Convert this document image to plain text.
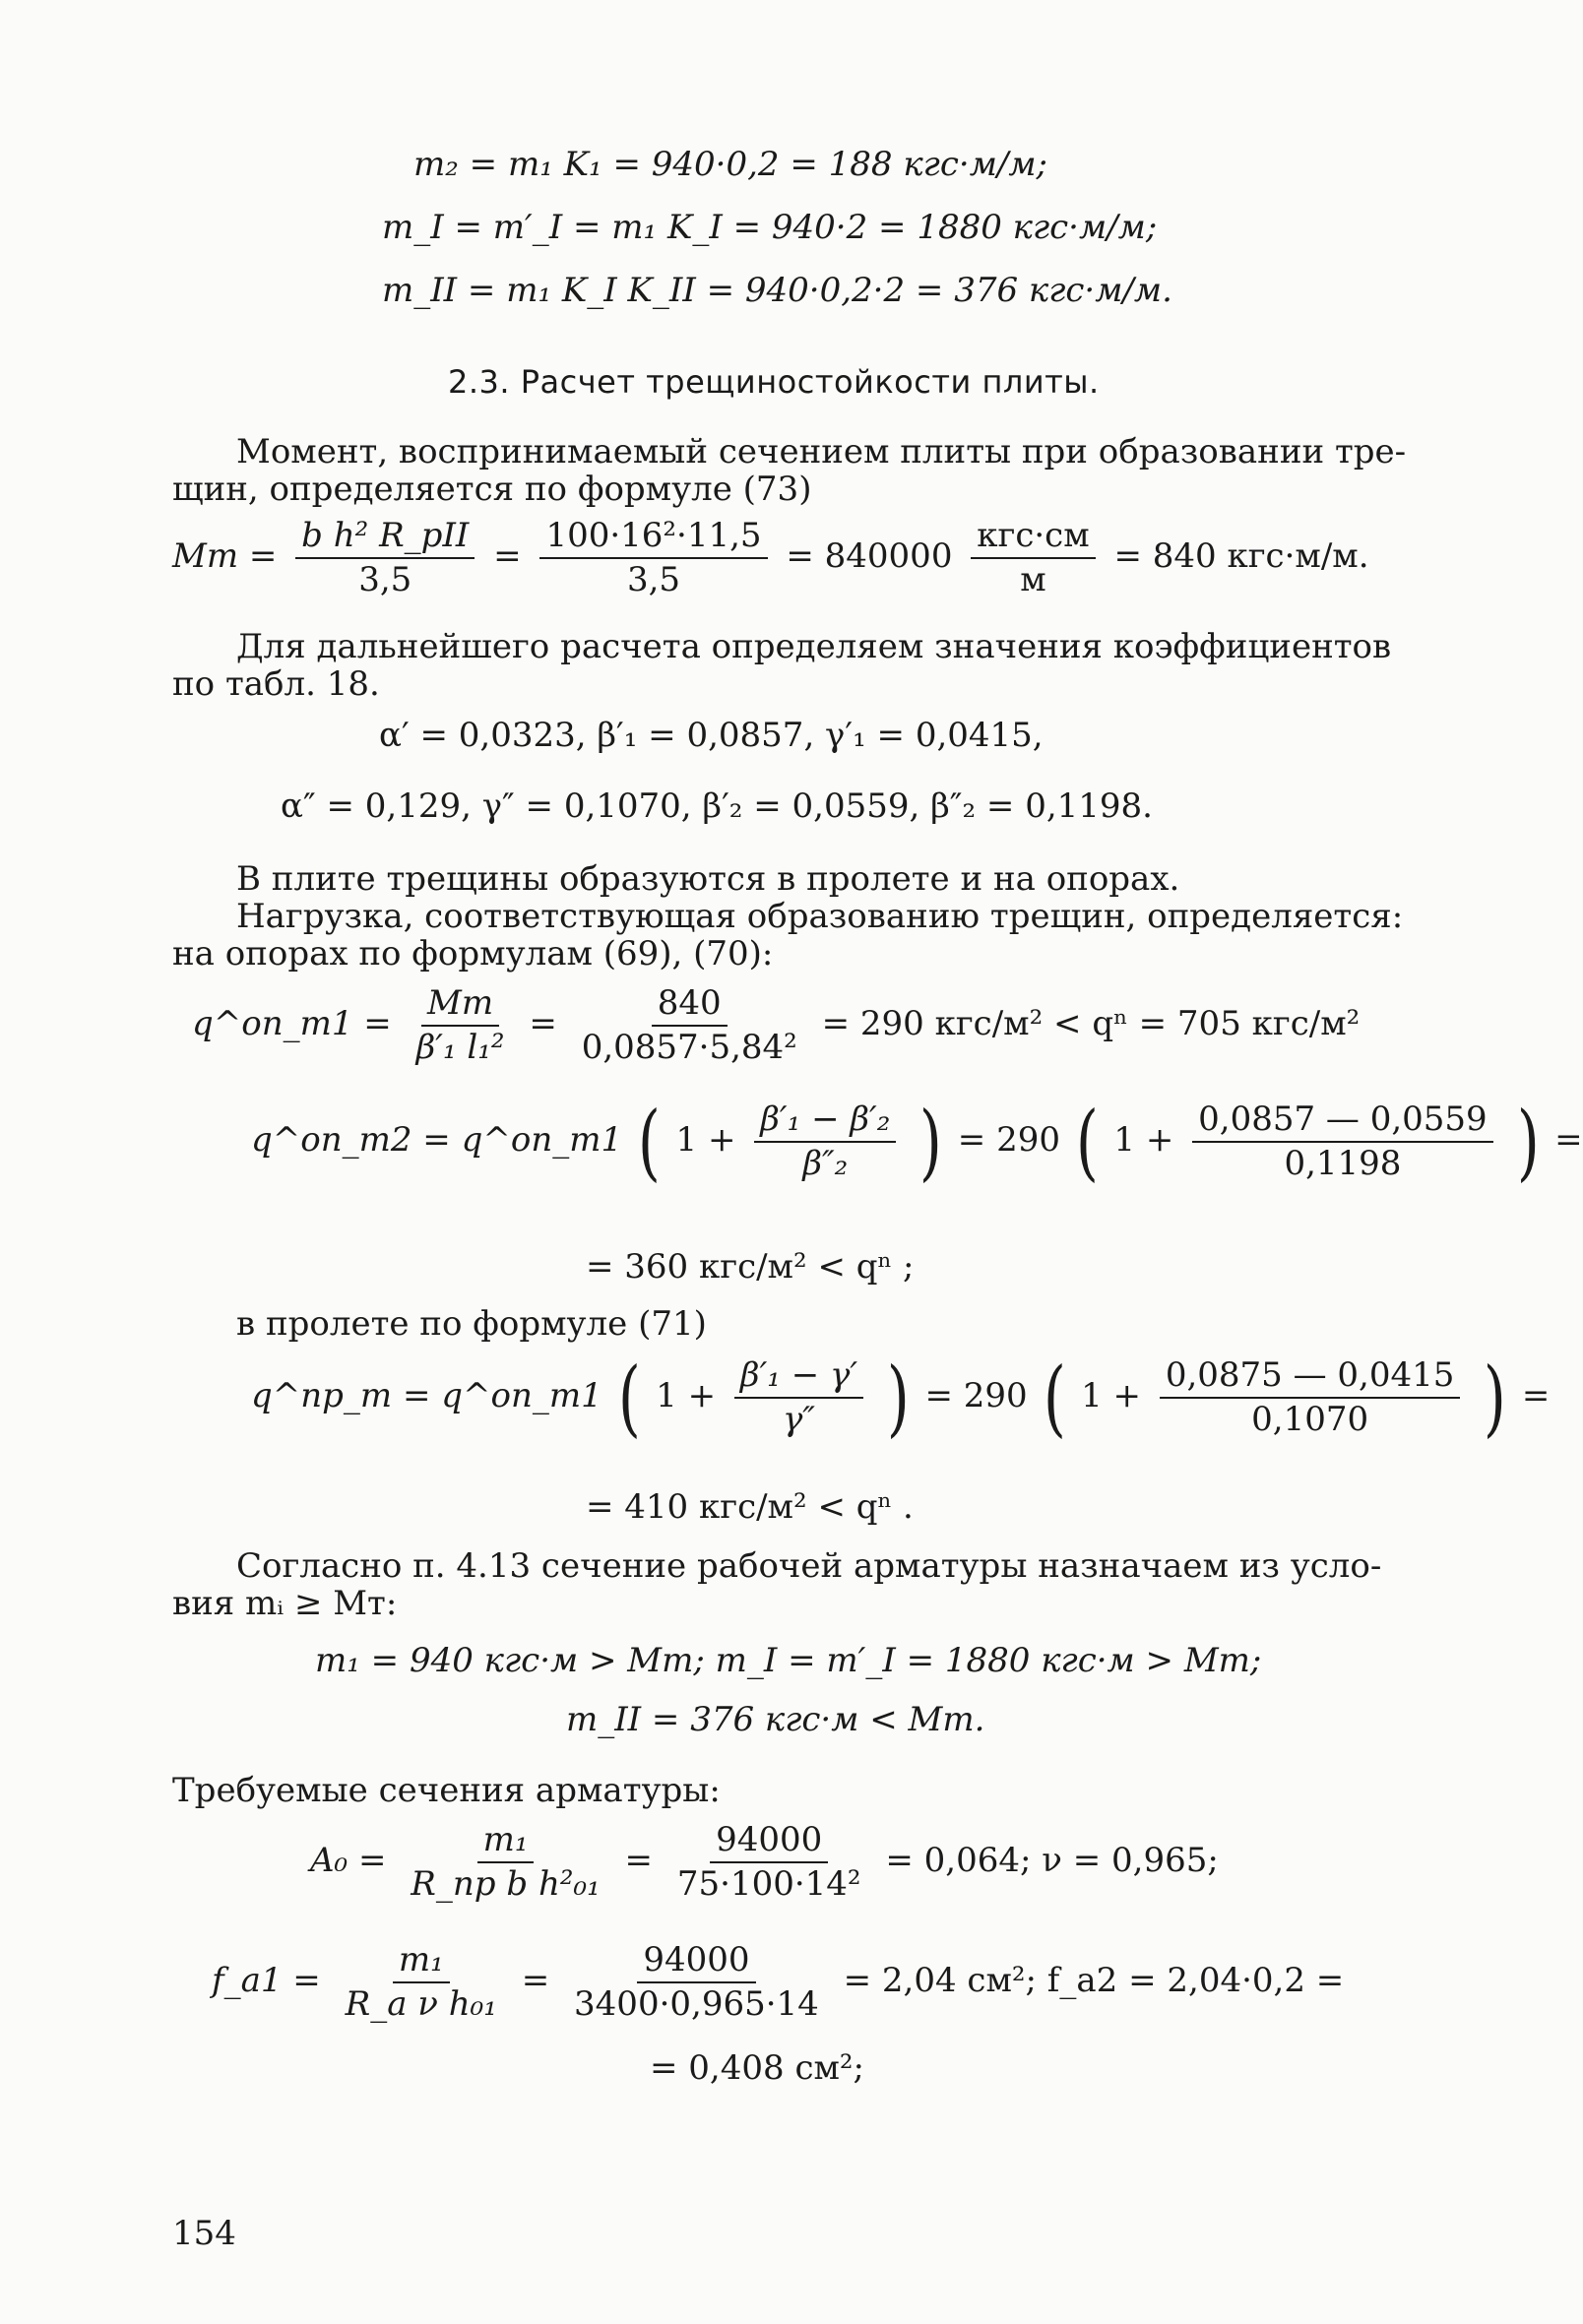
m₂ = m₁ K₁ = 940·0,2 = 188 кгс·м/м;
m_I = m′_I = m₁ K_I = 940·2 = 1880 кгс·м/м;
m_II = m₁ K_I K_II = 940·0,2·2 = 376 кгс·м/м.
2.3. Расчет трещиностойкости плиты.
Момент, воспринимаемый сечением плиты при образовании тре-
щин, определяется по формуле (73)
Mт = $\frac{\text{b h² R\_pII}}{3,5} = \frac{\text{100·16²·11,5}}{3,5} = 840000 \frac{\text{кгс·см}}{м} = 840$ кгс·м/м.
Для дальнейшего расчета определяем значения коэффициентов
по табл. 18.
α′ = 0,0323, β′₁ = 0,0857, γ′₁ = 0,0415,
α″ = 0,129, γ″ = 0,1070, β′₂ = 0,0559, β″₂ = 0,1198.
В плите трещины образуются в пролете и на опорах.
Нагрузка, соответствующая образованию трещин, определяется:
на опорах по формулам (69), (70):
q^оп_т1 = $\frac{Mт}{\text{β′₁ l₁²}} = \frac{840}{\text{0,0857·5,84²}} = 290$ кгс/м² < qⁿ = 705 кгс/м²
q^оп_т2 = q^оп_т1 ( $1 + \frac{\text{β′₁ − β′₂}}{\text{β″₂}}$ ) = 290 ( $1 + \frac{0,0857 — 0,0559}{0,1198}$ ) =
= 360 кгс/м² < qⁿ ;
в пролете по формуле (71)
q^пр_т = q^оп_т1 ( $1 + \frac{\text{β′₁ − γ′}}{\gamma''}$ ) = 290 ( $1 + \frac{0,0875 — 0,0415}{0,1070}$ ) =
= 410 кгс/м² < qⁿ .
Согласно п. 4.13 сечение рабочей арматуры назначаем из усло-
вия mᵢ ≥ Mт:
m₁ = 940 кгс·м > Mт; m_I = m′_I = 1880 кгс·м > Mт;
m_II = 376 кгс·м < Mт.
Требуемые сечения арматуры:
$A_0 = \frac{\text{m₁}}{\text{R\_пр b h²₀₁}} = \frac{94000}{\text{75·100·14²}} = 0,064$; ν = 0,965;
f_a1 = $\frac{\text{m₁}}{\text{R\_a ν h₀₁}} = \frac{94000}{3400\cdot 0,965\cdot 14} = 2,04$ см²; f_a2 = 2,04·0,2 =
= 0,408 см²;
154
